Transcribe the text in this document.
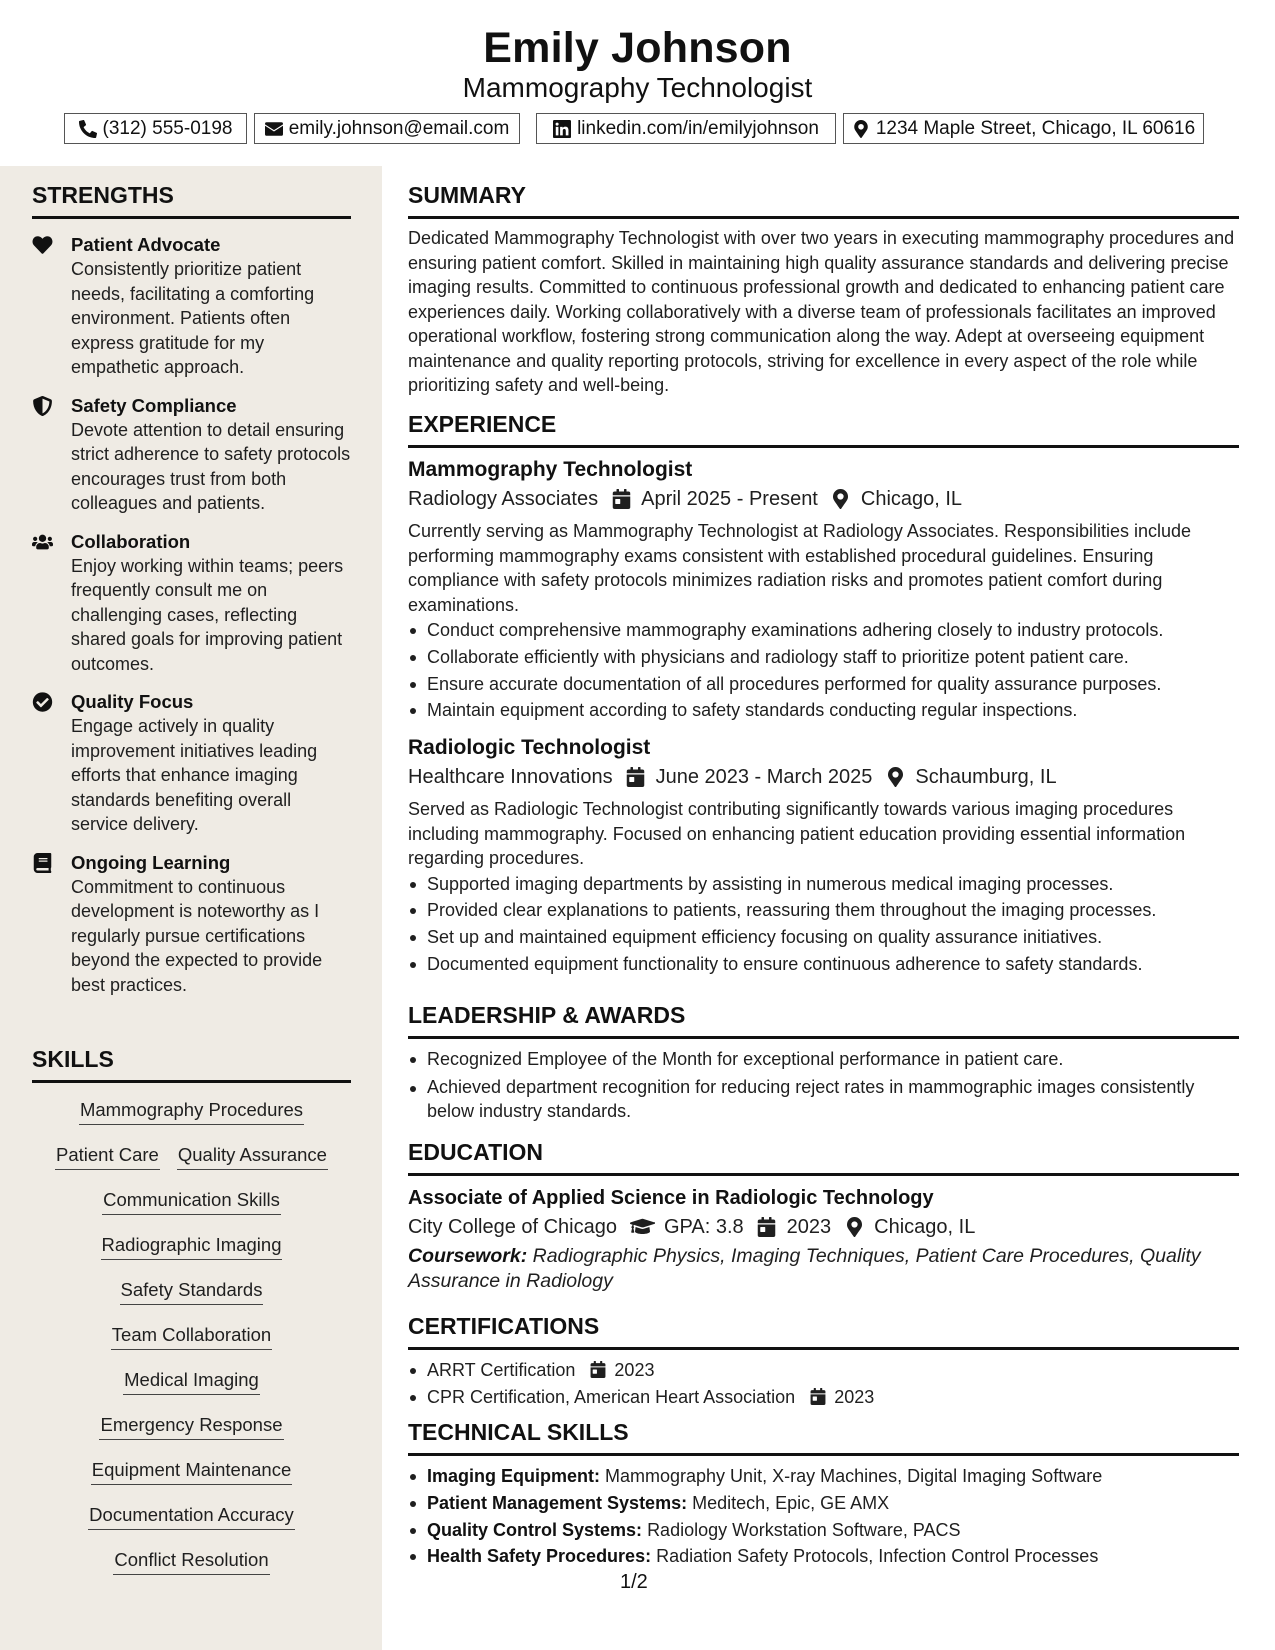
Emily Johnson
Mammography Technologist
(312) 555-0198	emily.johnson@email.com	linkedin.com/in/emilyjohnson	1234 Maple Street, Chicago, IL 60616
STRENGTHS
Patient Advocate
Consistently prioritize patient needs, facilitating a comforting environment. Patients often express gratitude for my empathetic approach.
Safety Compliance
Devote attention to detail ensuring strict adherence to safety protocols encourages trust from both colleagues and patients.
Collaboration
Enjoy working within teams; peers frequently consult me on challenging cases, reflecting shared goals for improving patient outcomes.
Quality Focus
Engage actively in quality improvement initiatives leading efforts that enhance imaging standards benefiting overall service delivery.
Ongoing Learning
Commitment to continuous development is noteworthy as I regularly pursue certifications beyond the expected to provide best practices.
SKILLS
Mammography Procedures
Patient Care Quality Assurance
Communication Skills
Radiographic Imaging
Safety Standards
Team Collaboration
Medical Imaging
Emergency Response
Equipment Maintenance
Documentation Accuracy
Conflict Resolution
SUMMARY
Dedicated Mammography Technologist with over two years in executing mammography procedures and ensuring patient comfort. Skilled in maintaining high quality assurance standards and delivering precise imaging results. Committed to continuous professional growth and dedicated to enhancing patient care experiences daily. Working collaboratively with a diverse team of professionals facilitates an improved operational workflow, fostering strong communication along the way. Adept at overseeing equipment maintenance and quality reporting protocols, striving for excellence in every aspect of the role while prioritizing safety and well-being.
EXPERIENCE
Mammography Technologist
Radiology Associates April 2025 - Present Chicago, IL
Currently serving as Mammography Technologist at Radiology Associates. Responsibilities include performing mammography exams consistent with established procedural guidelines. Ensuring compliance with safety protocols minimizes radiation risks and promotes patient comfort during examinations.
Conduct comprehensive mammography examinations adhering closely to industry protocols.
Collaborate efficiently with physicians and radiology staff to prioritize potent patient care.
Ensure accurate documentation of all procedures performed for quality assurance purposes.
Maintain equipment according to safety standards conducting regular inspections.
Radiologic Technologist
Healthcare Innovations June 2023 - March 2025 Schaumburg, IL
Served as Radiologic Technologist contributing significantly towards various imaging procedures including mammography. Focused on enhancing patient education providing essential information regarding procedures.
Supported imaging departments by assisting in numerous medical imaging processes.
Provided clear explanations to patients, reassuring them throughout the imaging processes.
Set up and maintained equipment efficiency focusing on quality assurance initiatives.
Documented equipment functionality to ensure continuous adherence to safety standards.
LEADERSHIP & AWARDS
Recognized Employee of the Month for exceptional performance in patient care.
Achieved department recognition for reducing reject rates in mammographic images consistently below industry standards.
EDUCATION
Associate of Applied Science in Radiologic Technology
City College of Chicago GPA: 3.8 2023 Chicago, IL
Coursework: Radiographic Physics, Imaging Techniques, Patient Care Procedures, Quality Assurance in Radiology
CERTIFICATIONS
ARRT Certification 2023
CPR Certification, American Heart Association 2023
TECHNICAL SKILLS
Imaging Equipment: Mammography Unit, X-ray Machines, Digital Imaging Software
Patient Management Systems: Meditech, Epic, GE AMX
Quality Control Systems: Radiology Workstation Software, PACS
Health Safety Procedures: Radiation Safety Protocols, Infection Control Processes
1/2
